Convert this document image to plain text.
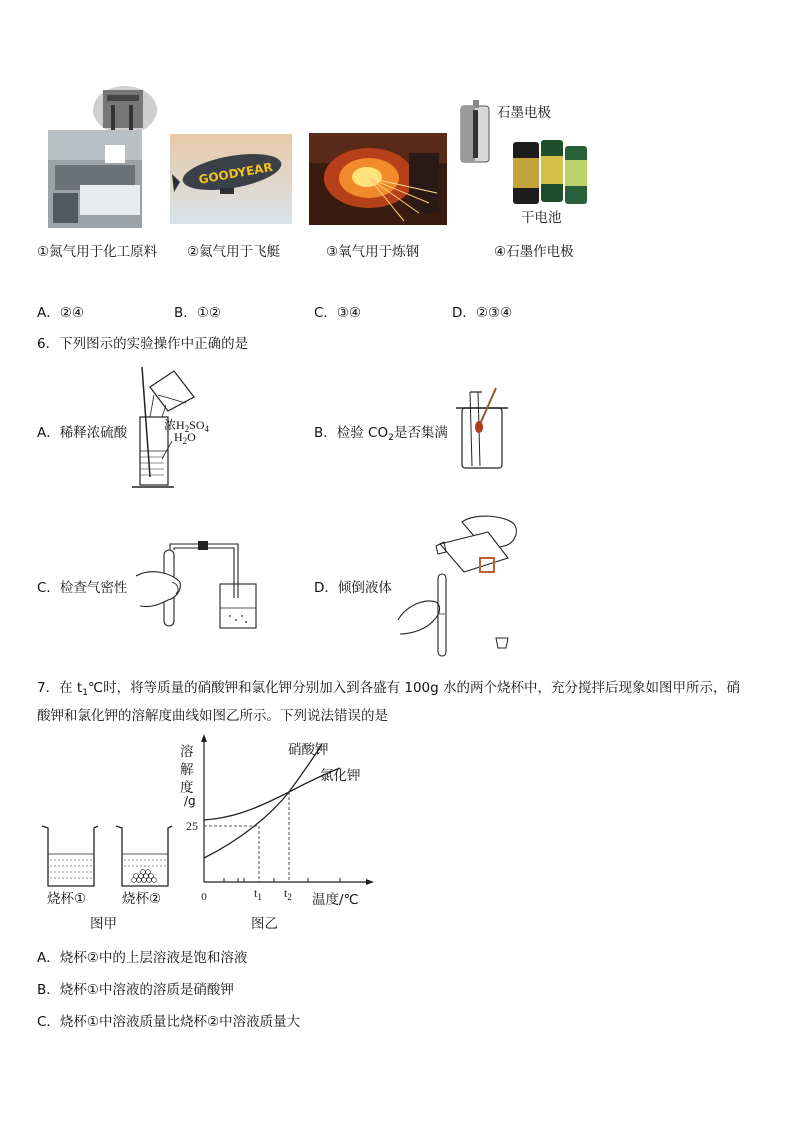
GOODYEAR
石墨电极
干电池
①氮气用于化工原料 ②氦气用于飞艇	③氧气用于炼钢	④石墨作电极
A．②④	B．①②	C．③④	D．②③④
6．下列图示的实验操作中正确的是
A．稀释浓硫酸	浓$H_2SO_4$
$H_2O$	B．检验 $CO_2$是否集满
C．检查气密性	D．倾倒液体
7．在 $t_1℃$时，将等质量的硝酸钾和氯化钾分别加入到各盛有 100g 水的两个烧杯中，充分搅拌后现象如图甲所示，硝
酸钾和氯化钾的溶解度曲线如图乙所示。下列说法错误的是
烧杯①	烧杯②
图甲
0
25
$t_1$ $t_2$
溶
解
度
/g
硝酸钾
氯化钾
温度/℃
图乙
A．烧杯②中的上层溶液是饱和溶液
B．烧杯①中溶液的溶质是硝酸钾
C．烧杯①中溶液质量比烧杯②中溶液质量大
